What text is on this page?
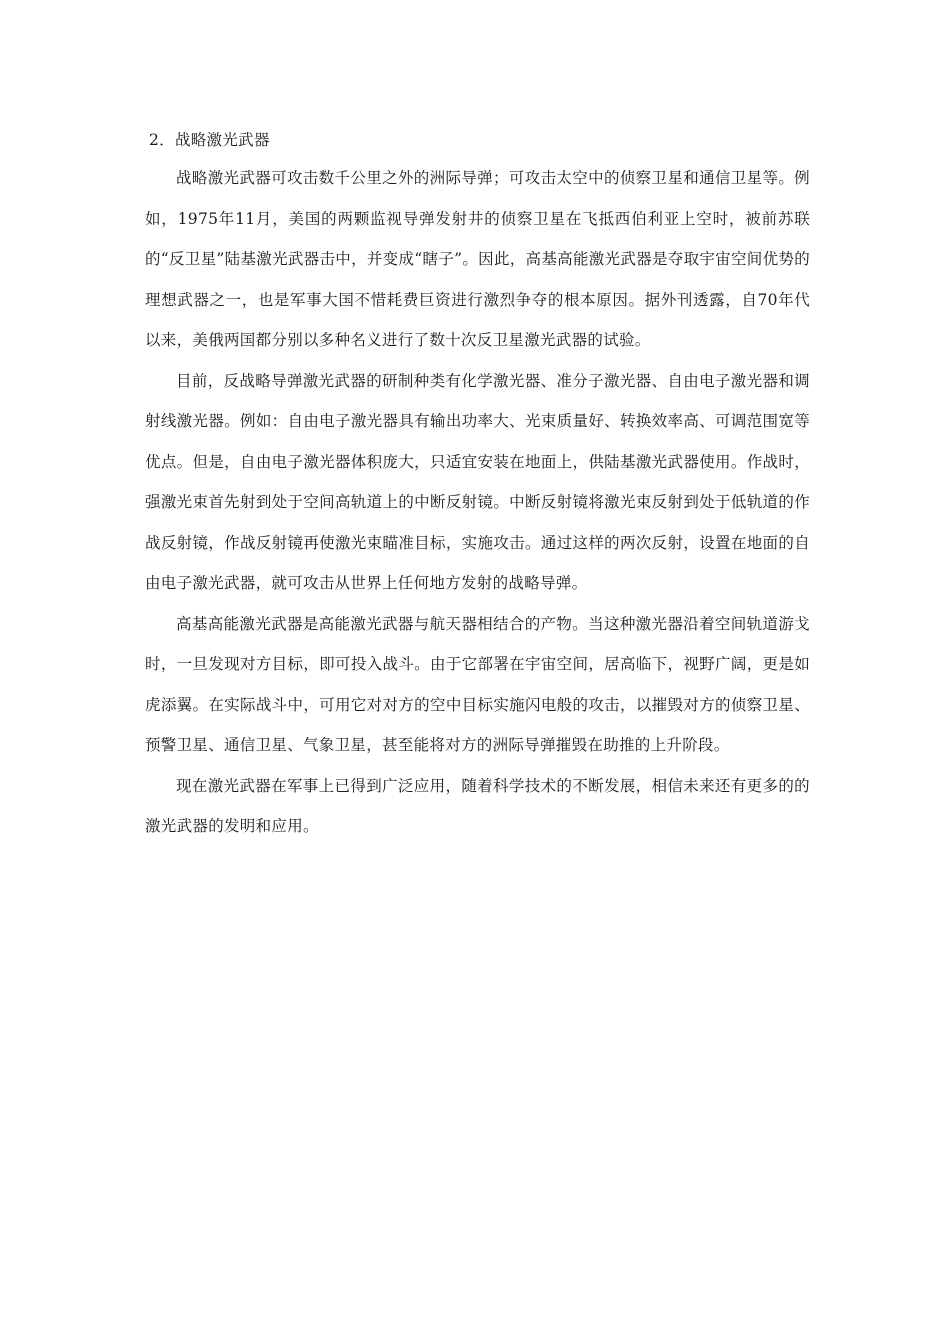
2．战略激光武器

战略激光武器可攻击数千公里之外的洲际导弹；可攻击太空中的侦察卫星和通信卫星等。例如，1975年11月，美国的两颗监视导弹发射井的侦察卫星在飞抵西伯利亚上空时，被前苏联的“反卫星”陆基激光武器击中，并变成“瞎子”。因此，高基高能激光武器是夺取宇宙空间优势的理想武器之一，也是军事大国不惜耗费巨资进行激烈争夺的根本原因。据外刊透露，自70年代以来，美俄两国都分别以多种名义进行了数十次反卫星激光武器的试验。

目前，反战略导弹激光武器的研制种类有化学激光器、准分子激光器、自由电子激光器和调射线激光器。例如：自由电子激光器具有输出功率大、光束质量好、转换效率高、可调范围宽等优点。但是，自由电子激光器体积庞大，只适宜安装在地面上，供陆基激光武器使用。作战时，强激光束首先射到处于空间高轨道上的中断反射镜。中断反射镜将激光束反射到处于低轨道的作战反射镜，作战反射镜再使激光束瞄准目标，实施攻击。通过这样的两次反射，设置在地面的自由电子激光武器，就可攻击从世界上任何地方发射的战略导弹。

高基高能激光武器是高能激光武器与航天器相结合的产物。当这种激光器沿着空间轨道游戈时，一旦发现对方目标，即可投入战斗。由于它部署在宇宙空间，居高临下，视野广阔，更是如虎添翼。在实际战斗中，可用它对对方的空中目标实施闪电般的攻击，以摧毁对方的侦察卫星、预警卫星、通信卫星、气象卫星，甚至能将对方的洲际导弹摧毁在助推的上升阶段。

现在激光武器在军事上已得到广泛应用，随着科学技术的不断发展，相信未来还有更多的的激光武器的发明和应用。
